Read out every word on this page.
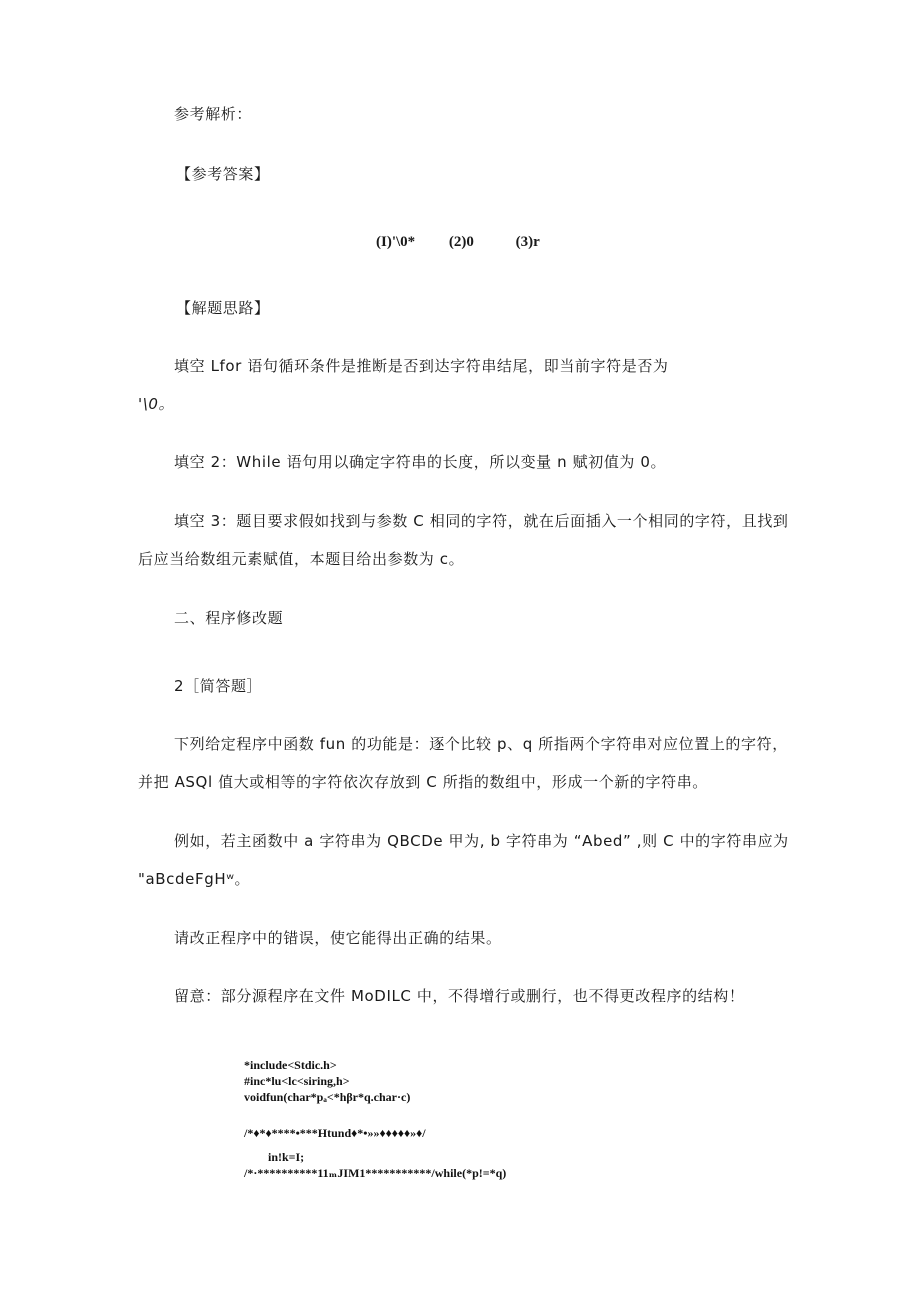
参考解析：
【参考答案】
(I)'\0* (2)0	(3)r
【解题思路】
填空 Lfor 语句循环条件是推断是否到达字符串结尾，即当前字符是否为
'\0。
填空 2：While 语句用以确定字符串的长度，所以变量 n 赋初值为 0。
填空 3：题目要求假如找到与参数 C 相同的字符，就在后面插入一个相同的字符，且找到
后应当给数组元素赋值，本题目给出参数为 c。
二、程序修改题
2［简答题］
下列给定程序中函数 fun 的功能是：逐个比较 p、q 所指两个字符串对应位置上的字符，
并把 ASQl 值大或相等的字符依次存放到 C 所指的数组中，形成一个新的字符串。
例如，若主函数中 a 字符串为 QBCDe 甲为, b 字符串为 “Abed” ,则 C 中的字符串应为
"aBcdeFgHʷ。
请改正程序中的错误，使它能得出正确的结果。
留意：部分源程序在文件 MoDILC 中，不得增行或删行，也不得更改程序的结构！
*include<Stdic.h>
#inc*lu<lc<siring,h>
voidfun(char*pₐ<*hβr*q.char·c)
/*♦*♦****•***Htund♦*•»»♦♦♦♦♦»♦/
in!k=I;
/*·**********11ₘJIM1***********/while(*p!=*q)
